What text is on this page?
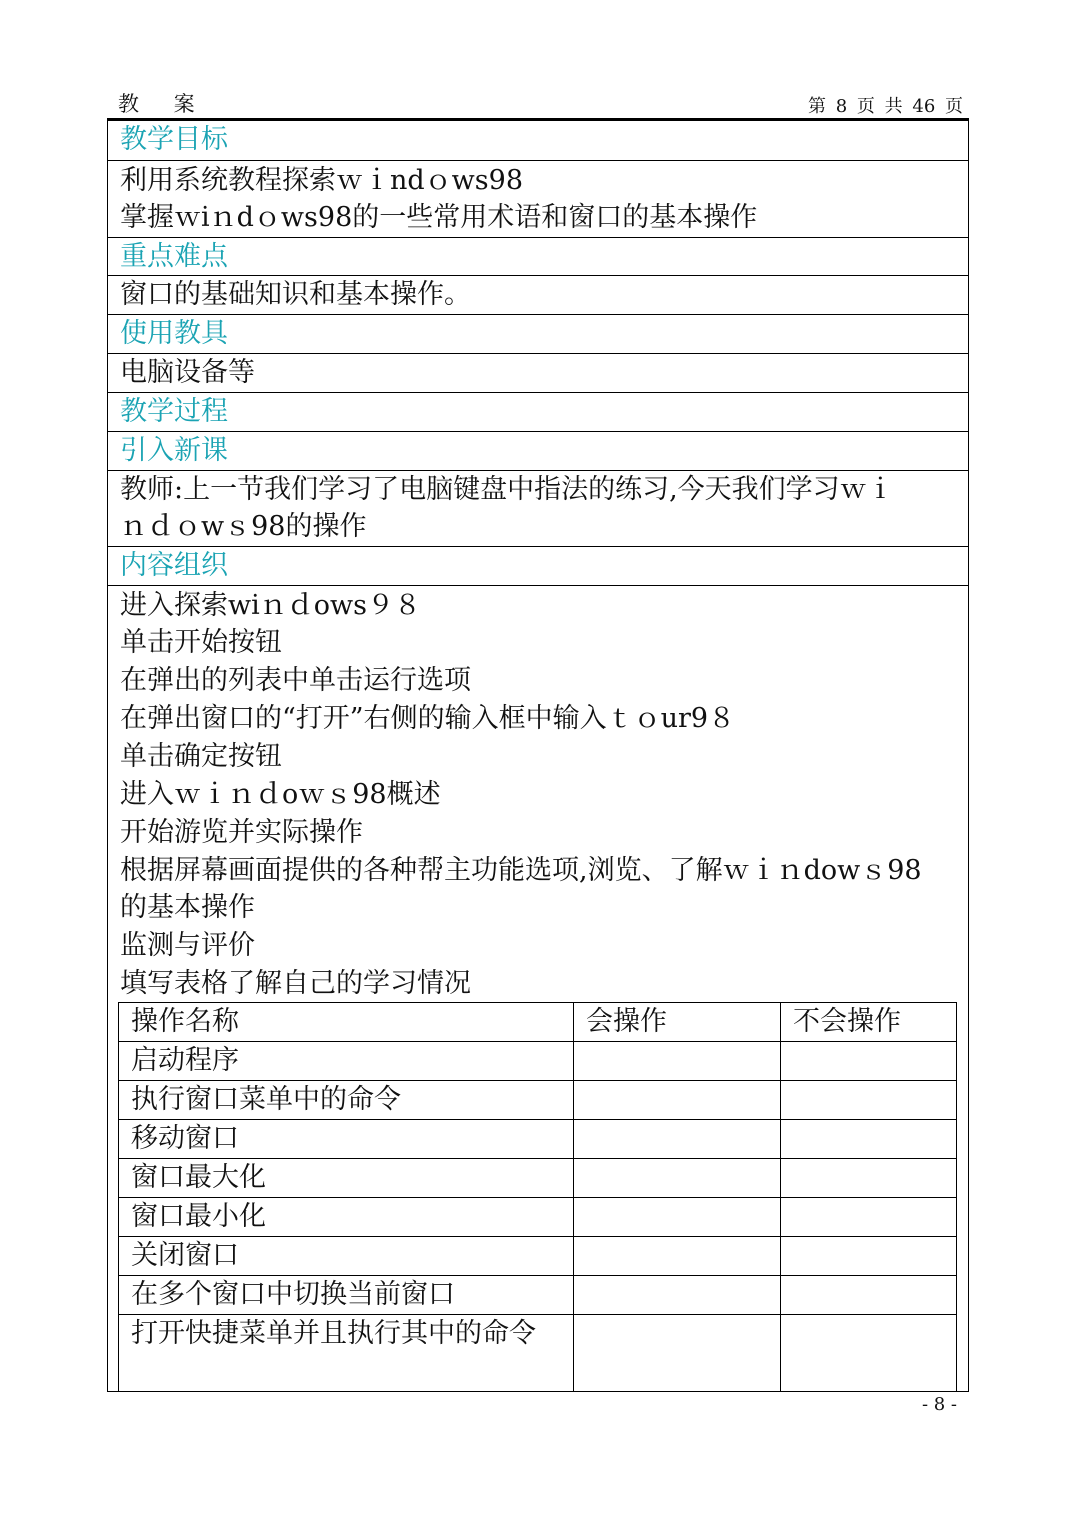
教 案	第 8 页 共 46 页
教学目标
利用系统教程探索ｗｉndｏws98
掌握ｗiｎdｏws98的一些常用术语和窗口的基本操作
重点难点
窗口的基础知识和基本操作。
使用教具
电脑设备等
教学过程
引入新课
教师:上一节我们学习了电脑键盘中指法的练习,今天我们学习ｗｉ
ｎｄｏwｓ98的操作
内容组织
进入探索wiｎｄows９８
单击开始按钮
在弹出的列表中单击运行选项
在弹出窗口的“打开”右侧的输入框中输入ｔｏur9８
单击确定按钮
进入ｗｉｎｄoｗｓ98概述
开始游览并实际操作
根据屏幕画面提供的各种帮主功能选项,浏览、了解ｗｉｎdowｓ98
的基本操作
监测与评价
填写表格了解自己的学习情况
操作名称	会操作	不会操作
启动程序		
执行窗口菜单中的命令		
移动窗口		
窗口最大化		
窗口最小化		
关闭窗口		
在多个窗口中切换当前窗口		
打开快捷菜单并且执行其中的命令		
- 8 -
